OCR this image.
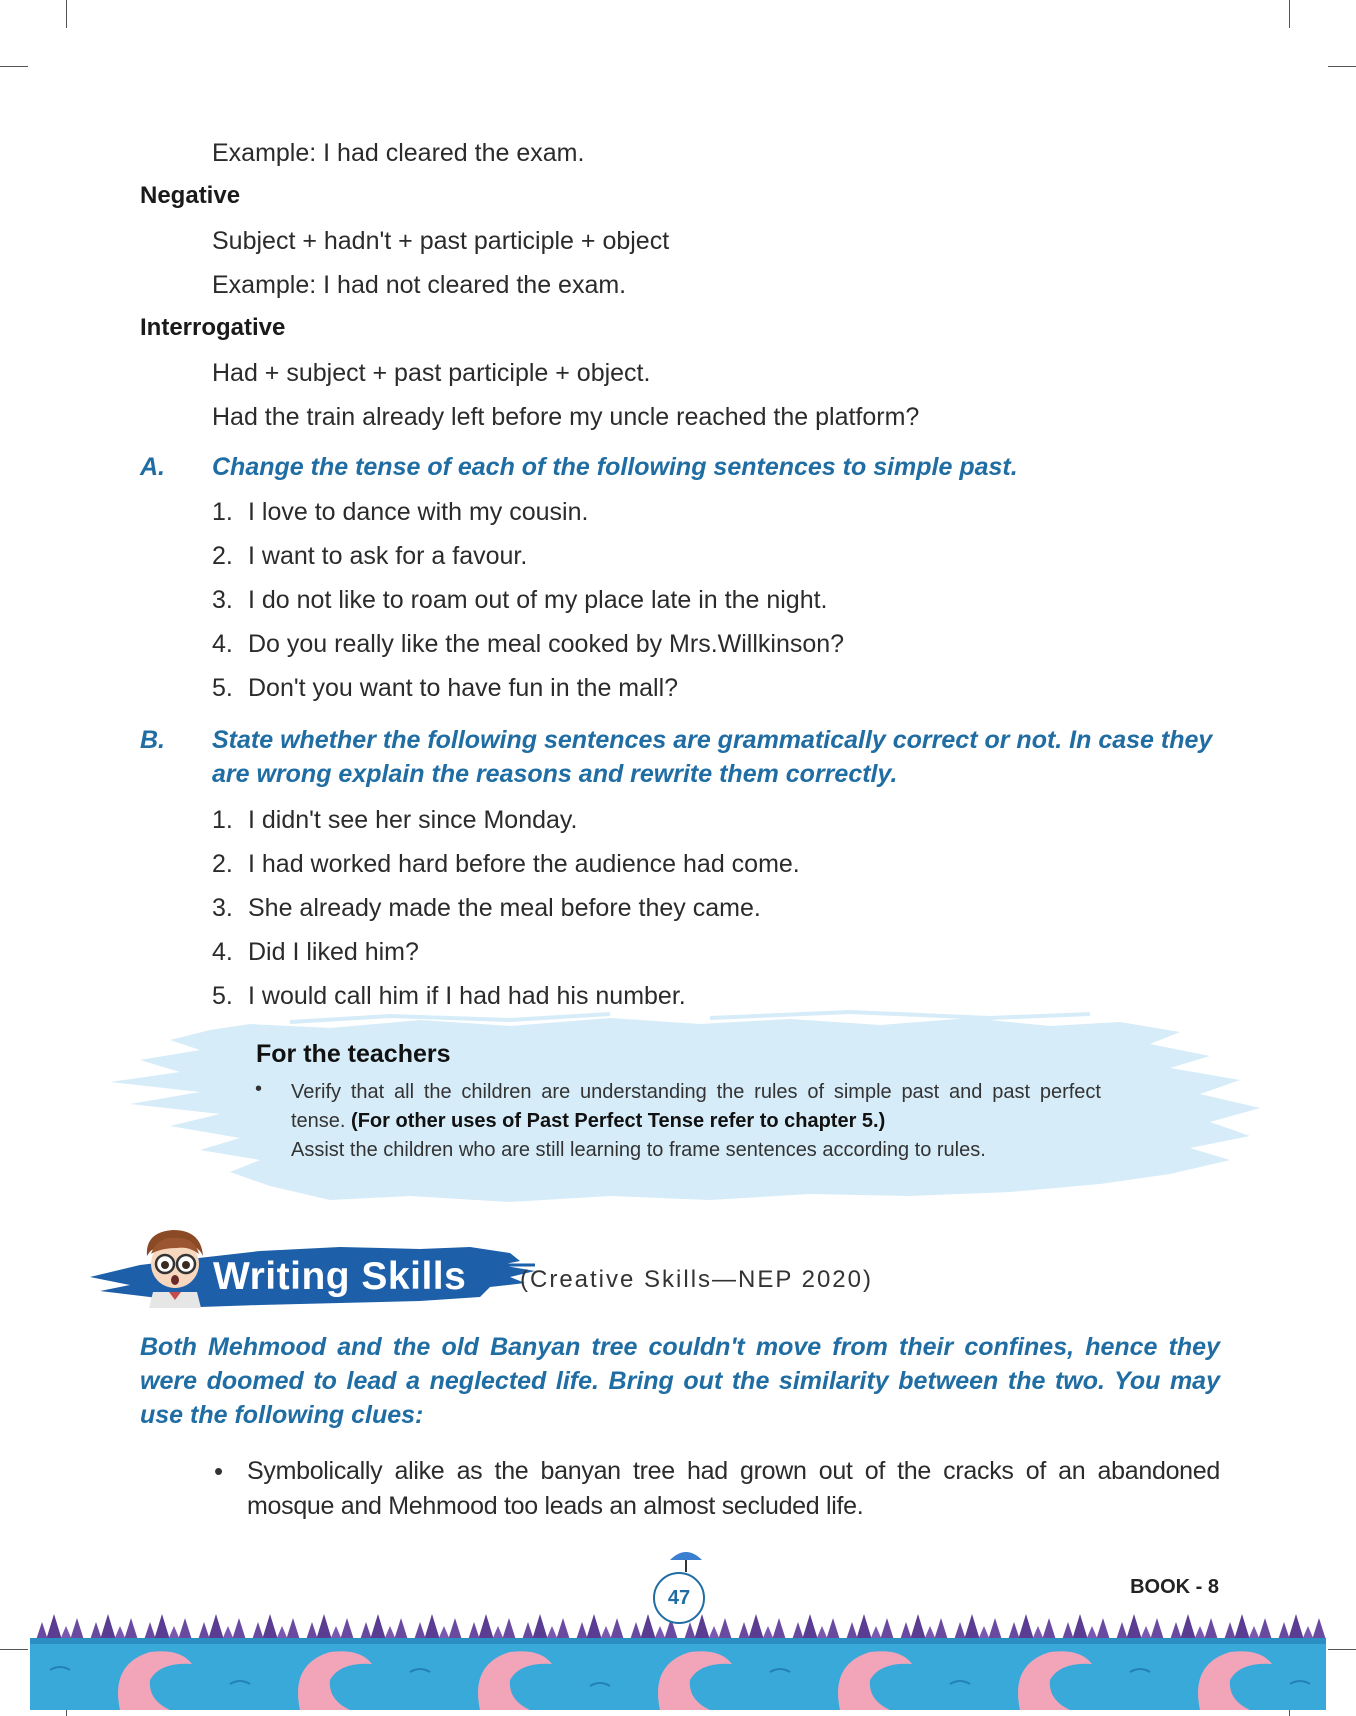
Example: I had cleared the exam.
Negative
Subject + hadn't + past participle + object
Example: I had not cleared the exam.
Interrogative
Had + subject + past participle + object.
Had the train already left before my uncle reached the platform?
A. Change the tense of each of the following sentences to simple past.
1. I love to dance with my cousin.
2. I want to ask for a favour.
3. I do not like to roam out of my place late in the night.
4. Do you really like the meal cooked by Mrs.Willkinson?
5. Don't you want to have fun in the mall?
B. State whether the following sentences are grammatically correct or not. In case they are wrong explain the reasons and rewrite them correctly.
1. I didn't see her since Monday.
2. I had worked hard before the audience had come.
3. She already made the meal before they came.
4. Did I liked him?
5. I would call him if I had had his number.
For the teachers
• Verify that all the children are understanding the rules of simple past and past perfect tense. (For other uses of Past Perfect Tense refer to chapter 5.)
Assist the children who are still learning to frame sentences according to rules.
Writing Skills (Creative Skills—NEP 2020)
Both Mehmood and the old Banyan tree couldn't move from their confines, hence they were doomed to lead a neglected life. Bring out the similarity between the two. You may use the following clues:
• Symbolically alike as the banyan tree had grown out of the cracks of an abandoned mosque and Mehmood too leads an almost secluded life.
47	BOOK - 8
